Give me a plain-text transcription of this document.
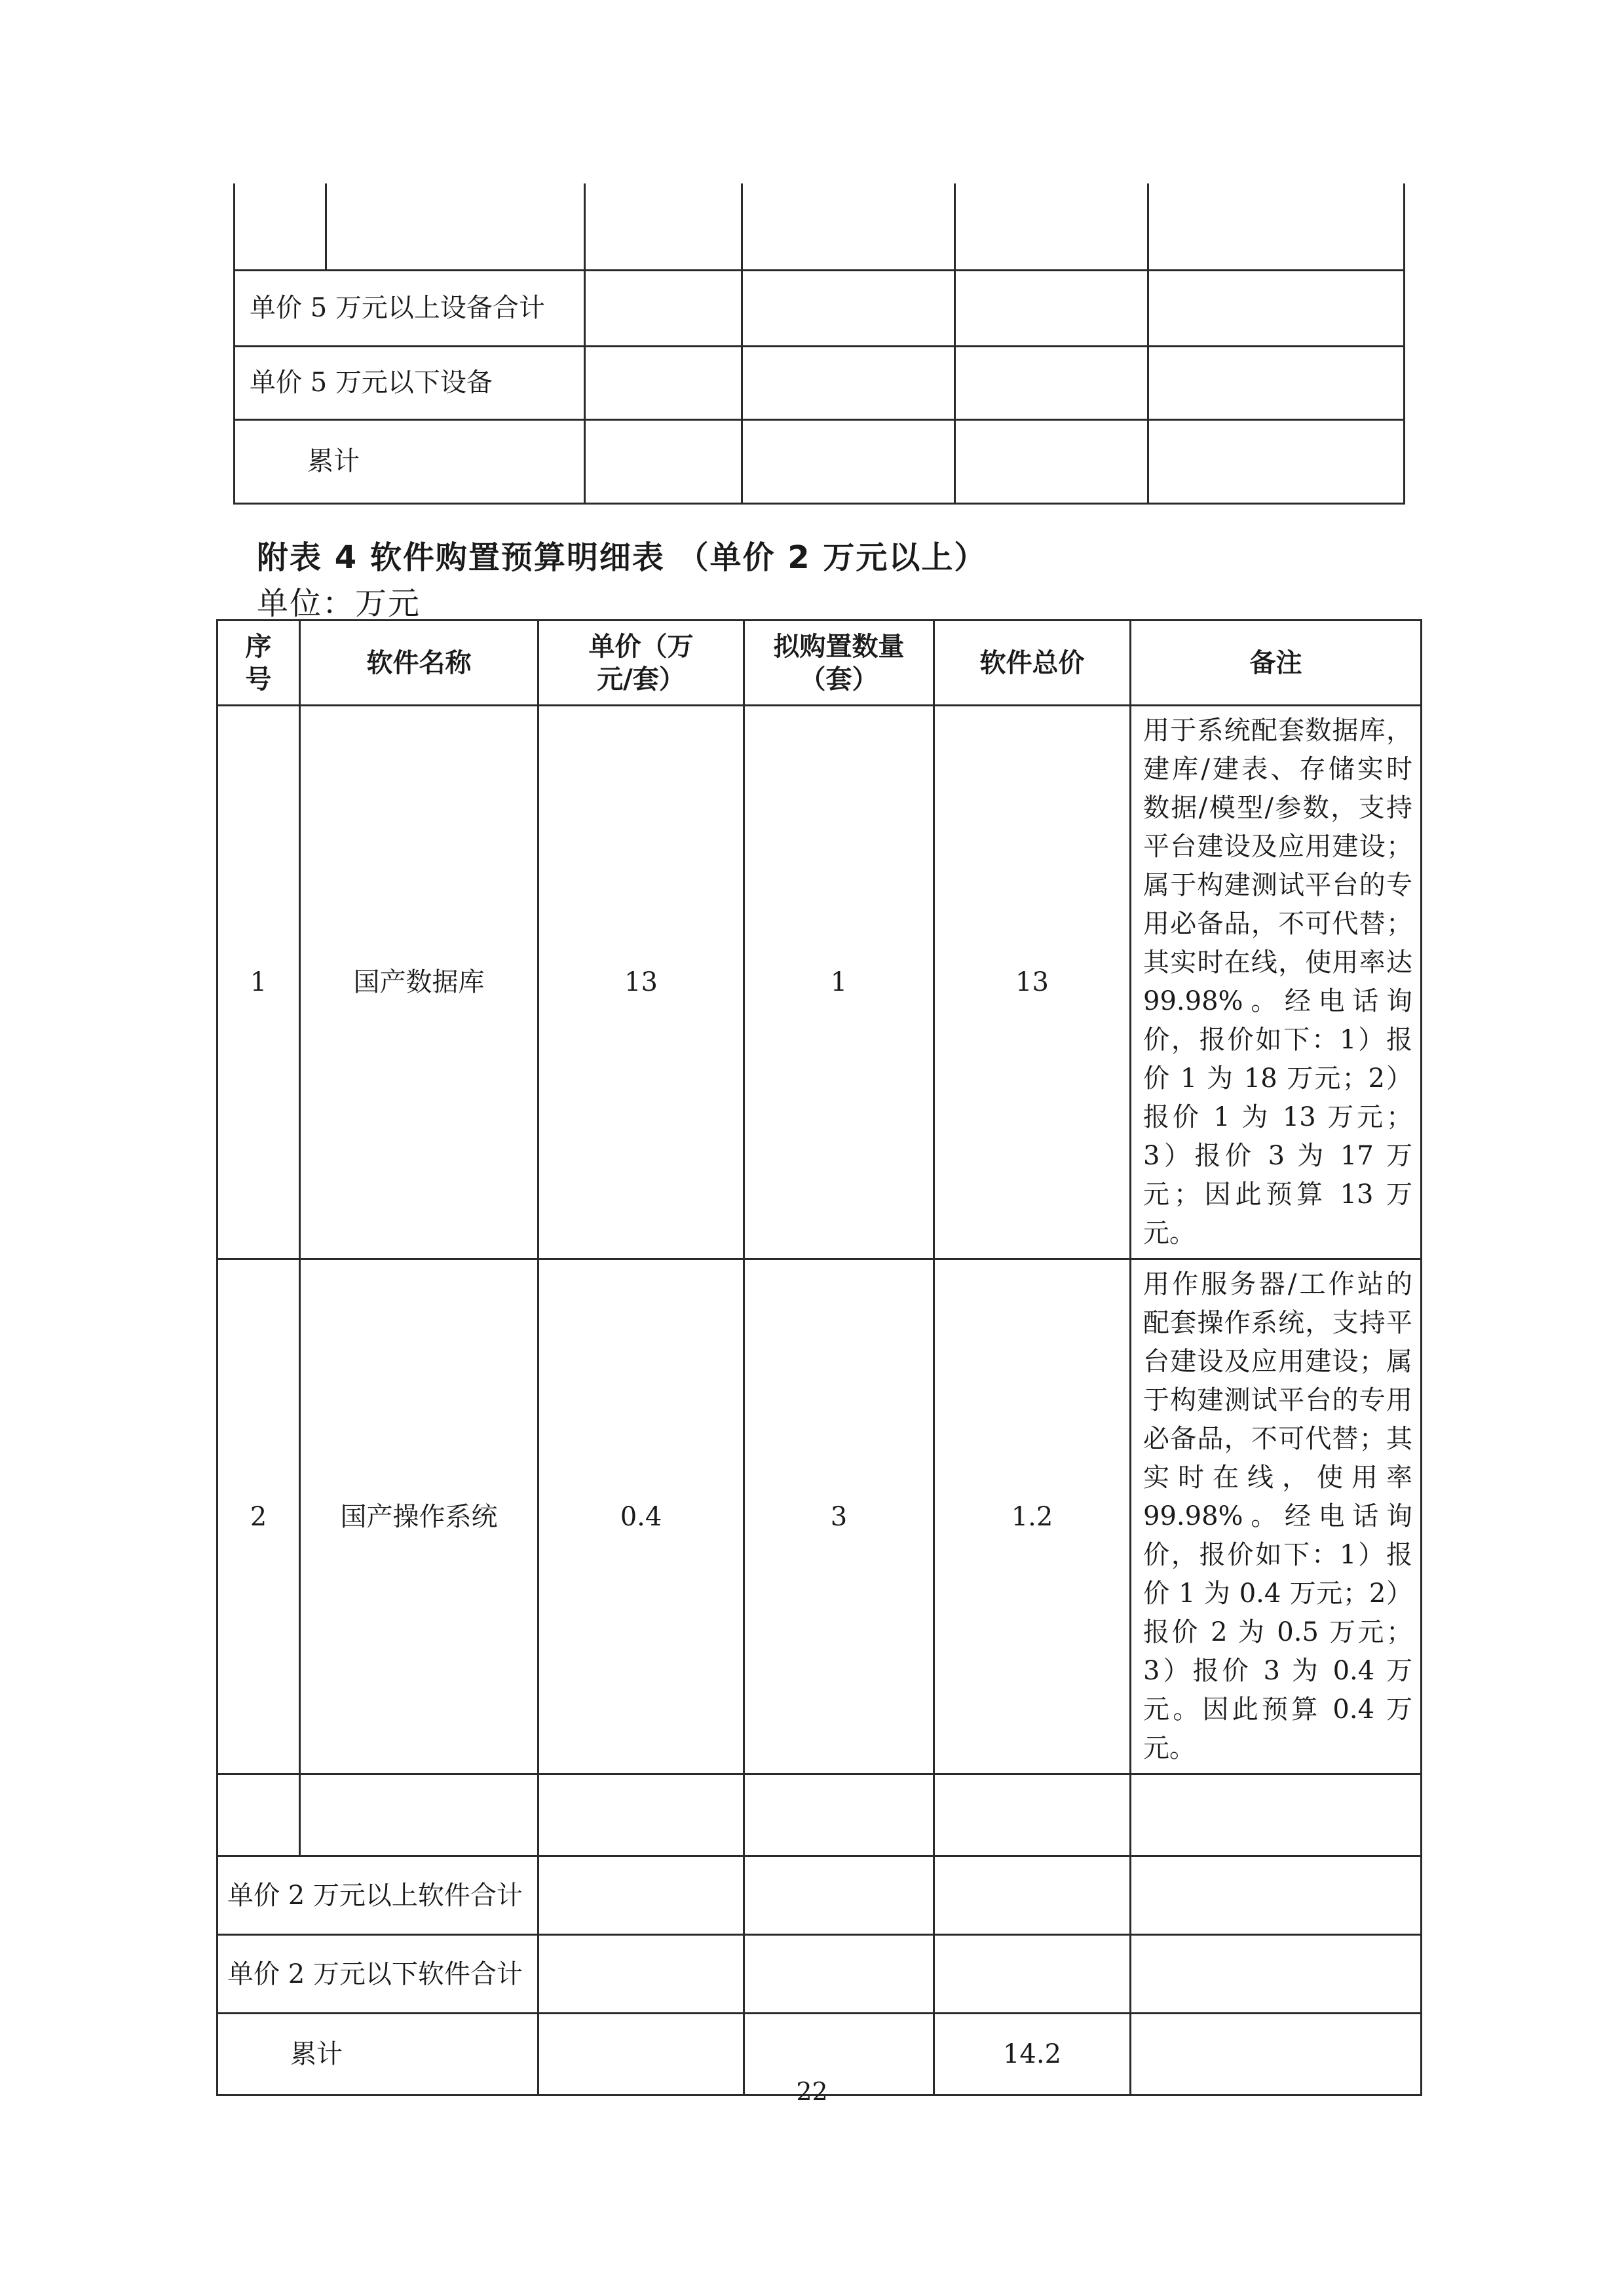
单价 5 万元以上设备合计					
单价 5 万元以下设备					
累计					
附表 4 软件购置预算明细表 （单价 2 万元以上）
单位：万元
序号	软件名称	单价（万元/套）	拟购置数量（套）	软件总价	备注
1	国产数据库	13	1	13	用于系统配套数据库，建库/建表、存储实时数据/模型/参数，支持平台建设及应用建设；属于构建测试平台的专用必备品，不可代替；其实时在线，使用率达99.98%。经电话询价，报价如下：1）报价 1 为 18 万元；2）报价 1 为 13 万元；3）报价 3 为 17 万元；因此预算 13 万元。
2	国产操作系统	0.4	3	1.2	用作服务器/工作站的配套操作系统，支持平台建设及应用建设；属于构建测试平台的专用必备品，不可代替；其实时在线，使用率 99.98%。经电话询价，报价如下：1）报价 1 为 0.4 万元；2）报价 2 为 0.5 万元；3）报价 3 为 0.4 万元。因此预算 0.4 万元。

单价 2 万元以上软件合计					

单价 2 万元以下软件合计					

累计				14.2	
22
